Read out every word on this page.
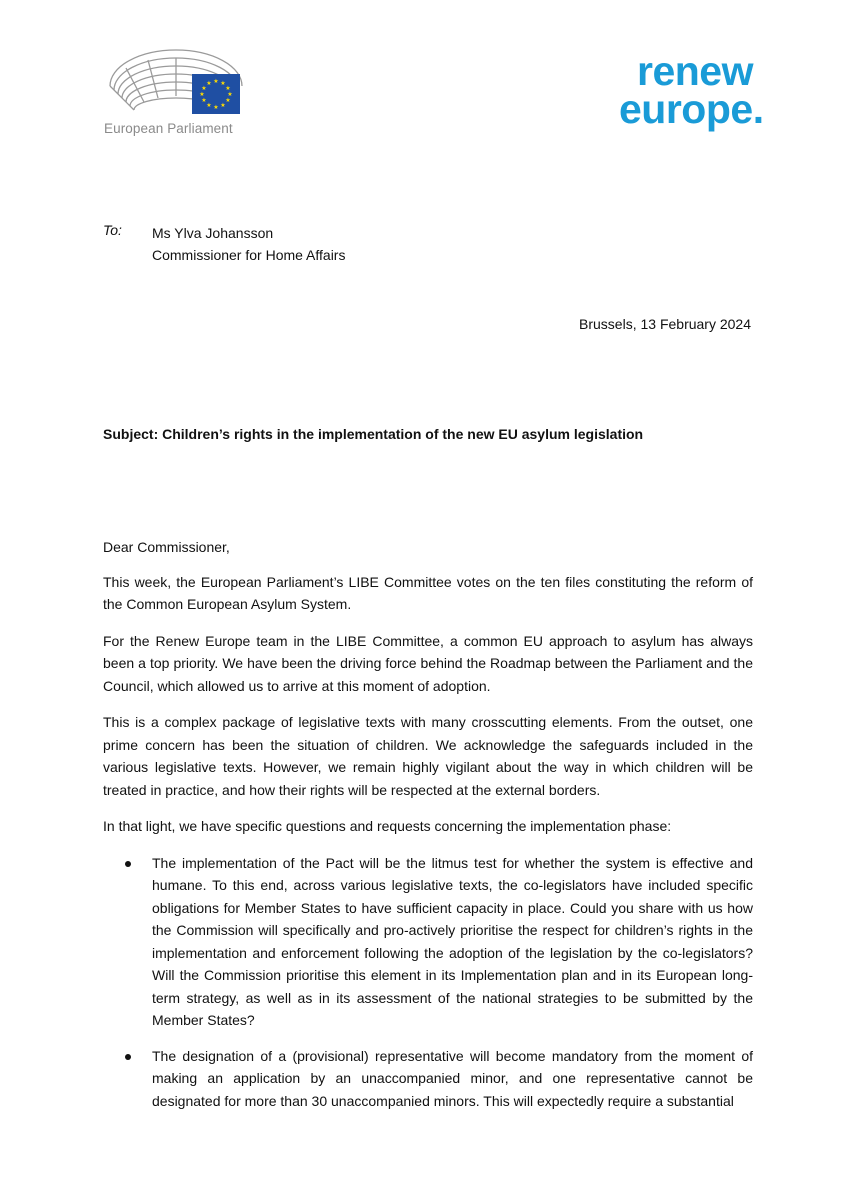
★ ★
★
★
★
★
★
★
★
★
★
★
European Parliament
renew
europe.
To: Ms Ylva Johansson
Commissioner for Home Affairs
Brussels, 13 February 2024
Subject: Children’s rights in the implementation of the new EU asylum legislation

Dear Commissioner,

This week, the European Parliament’s LIBE Committee votes on the ten files constituting the reform of the Common European Asylum System.

For the Renew Europe team in the LIBE Committee, a common EU approach to asylum has always been a top priority. We have been the driving force behind the Roadmap between the Parliament and the Council, which allowed us to arrive at this moment of adoption.

This is a complex package of legislative texts with many crosscutting elements. From the outset, one prime concern has been the situation of children. We acknowledge the safeguards included in the various legislative texts. However, we remain highly vigilant about the way in which children will be treated in practice, and how their rights will be respected at the external borders.

In that light, we have specific questions and requests concerning the implementation phase:

The implementation of the Pact will be the litmus test for whether the system is effective and humane. To this end, across various legislative texts, the co-legislators have included specific obligations for Member States to have sufficient capacity in place. Could you share with us how the Commission will specifically and pro-actively prioritise the respect for children’s rights in the implementation and enforcement following the adoption of the legislation by the co-legislators? Will the Commission prioritise this element in its Implementation plan and in its European long-term strategy, as well as in its assessment of the national strategies to be submitted by the Member States?
The designation of a (provisional) representative will become mandatory from the moment of making an application by an unaccompanied minor, and one representative cannot be designated for more than 30 unaccompanied minors. This will expectedly require a substantial
